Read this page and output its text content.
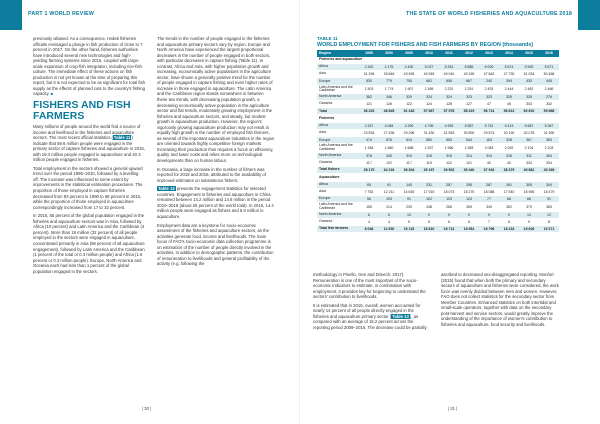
PART 1 WORLD REVIEW	THE STATE OF WORLD FISHERIES AND AQUACULTURE 2018

previously allowed. As a consequence, Halieti fisheries officials envisaged a plunge in fish production of close to 7 percent in 2017. On the other hand, fisheries authorities have introduced several new technologies and high-yielding farming systems since 2016, coupled with large-scale expansion of crop-fish integration, including rice-fish culture. The immediate effect of these actions on fish production is not yet known at the time of preparing this report, but it is not expected to be as significant for total fish supply as the effects of planned cuts to the country's fishing capacity. ■

FISHERS AND FISH FARMERS

Many millions of people around the world find a source of income and livelihood in the fisheries and aquaculture sectors. The most recent official statistics (Table 11) indicate that 59.6 million people were engaged in the primary sector of capture fisheries and aquaculture in 2016, with 19.3 million people engaged in aquaculture and 40.3 million people engaged in fisheries.

Total employment in the sectors showed a general upward trend over the period 1995–2010, followed by a levelling off. The increase was influenced to some extent by improvements in the statistical estimation procedures. The proportion of those employed in capture fisheries decreased from 83 percent in 1990 to 68 percent in 2016, while the proportion of those employed in aquaculture correspondingly increased from 17 to 32 percent.

In 2016, 85 percent of the global population engaged in the fisheries and aquaculture sectors was in Asia, followed by Africa (10 percent) and Latin America and the Caribbean (4 percent). More than 19 million (32 percent) of all people employed in the sectors were engaged in aquaculture, concentrated primarily in Asia (96 percent of all aquaculture engagement), followed by Latin America and the Caribbean (1 percent of the total or 0.3 million people) and Africa (1.6 percent or 0.3 million people). Europe, North America and Oceania each had less than 1 percent of the global population engaged in the sectors.

The trends in the number of people engaged in the fisheries and aquaculture primary sectors vary by region. Europe and North America have experienced the largest proportional decreases in the number of people engaged in both sectors, with particular decreases in capture fishing (Table 11). In contrast, Africa and Asia, with higher population growth and increasing, economically active populations in the agriculture sector, have shown a generally positive trend for the number of people engaged in capture fishing and even higher rates of increase in those engaged in aquaculture. The Latin America and the Caribbean region stands somewhere in between these two trends, with decreasing population growth, a decreasing economically active population in the agriculture sector and flat trends, moderately growing employment in the fisheries and aquaculture sectors, and steady, but modest growth in aquaculture production. However, the region's vigorously growing aquaculture production may not result in equally high growth in the number of employed fish farmers, as several of the important aquaculture industries in the region are oriented towards highly competitive foreign markets. Increasing their production thus requires a focus on efficiency, quality and lower costs and relies more on technological developments than on human labour.

In Oceania, a large increase in the number of fishers was reported for 2015 and 2016, attributed to the availability of improved estimates on subsistence fishers.

Table 12 presents the engagement statistics for selected countries. Engagement in fisheries and aquaculture in China remained between 14.2 million and 14.6 million in the period 2010–2016 (about 25 percent of the world total). In 2016, 14.4 million people were engaged as fishers and 5.0 million in aquaculture.

Employment data are a keystone for socio-economic assessment of the fisheries and aquaculture sectors, as the activities generate food, income and livelihoods. The main focus of FAO's socio-economic data collection programme is on estimation of the number of people directly involved in the activities, in addition to demographic patterns, the contribution of remuneration to livelihoods and general profitability of the activity (e.g. following the

TABLE 11
WORLD EMPLOYMENT FOR FISHERS AND FISH FARMERS BY REGION (thousands)
Region	1995	2000	2005	2010	2011	2012	2013	2014	2015	2016
Fisheries and aquaculture										
Africa	2 392	4 175	4 430	5 027	5 251	5 885	6 009	5 674	5 992	5 671
Asia	31 296	39 646	43 926	49 345	49 040	49 165	47 662	47 730	51 034	50 468
Europe	530	779	705	662	606	667	240	394	433	445
Latin America and the Caribbean	1 503	1 774	1 907	2 185	2 231	2 251	2 433	2 444	2 482	2 466
North America	382	346	329	324	324	323	323	325	325	276
Oceania	121	126	122	124	128	127	47	46	343	342
Total	36 223	46 845	51 418	57 667	57 578	58 319	56 714	56 613	60 610	59 668
Fisheries										
Africa	2 327	4 084	4 290	4 796	4 993	5 587	5 742	5 413	5 687	5 367
Asia	23 534	27 435	29 296	31 430	31 553	30 890	29 574	30 190	32 078	31 990
Europe	474	676	614	560	553	544	163	328	367	354
Latin America and the Caribbean	1 348	1 560	1 668	1 937	1 966	1 983	2 083	2 092	2 104	2 103
North America	376	340	319	315	315	314	314	316	311	264
Oceania	117	122	117	119	122	121	40	40	334	334
Total fishers	28 175	34 216	36 304	39 157	39 502	39 440	37 916	38 379	40 881	40 339
Aquaculture										
Africa	65	91	140	231	257	298	267	261	305	304
Asia	7 762	12 211	14 630	17 915	18 073	18 275	18 088	17 540	18 956	18 479
Europe	56	103	91	102	103	123	77	66	66	91
Latin America and the Caribbean	155	214	239	248	265	269	349	352	379	363
North America	6	6	10	9	9	9	9	9	14	12
Oceania	4	4	5	5	6	6	7	6	9	8
Total fish farmers	8 048	12 630	15 115	18 510	18 713	18 981	18 796	18 233	19 626	19 271

methodology in Pinello, Gee and Dimech, 2017). Remuneration is one of the most important of the socio-economic indicators to estimate, in combination with employment, it provides key for beginning to understand the sectors' contribution to livelihoods.

It is estimated that in 2016, overall, women accounted for nearly 14 percent of all people directly engaged in the fisheries and aquaculture primary sector (Table 13), as compared with an average of 15.2 percent across the reporting period 2009–2016. The decrease could be partially

ascribed to decreased sex-disaggregated reporting. Monfort (2015) found that when both the primary and secondary sectors of aquaculture and fisheries were considered, the work force was evenly divided between men and women. However, FAO does not collect statistics for the secondary sector from Member Countries. Enhanced statistics on both intertidal and small-scale operators, together with data on the secondary post-harvest and service sectors, would greatly improve the understanding of the importance of women's contribution to fisheries and aquaculture, food security and livelihoods.

| 30 |	| 31 |
